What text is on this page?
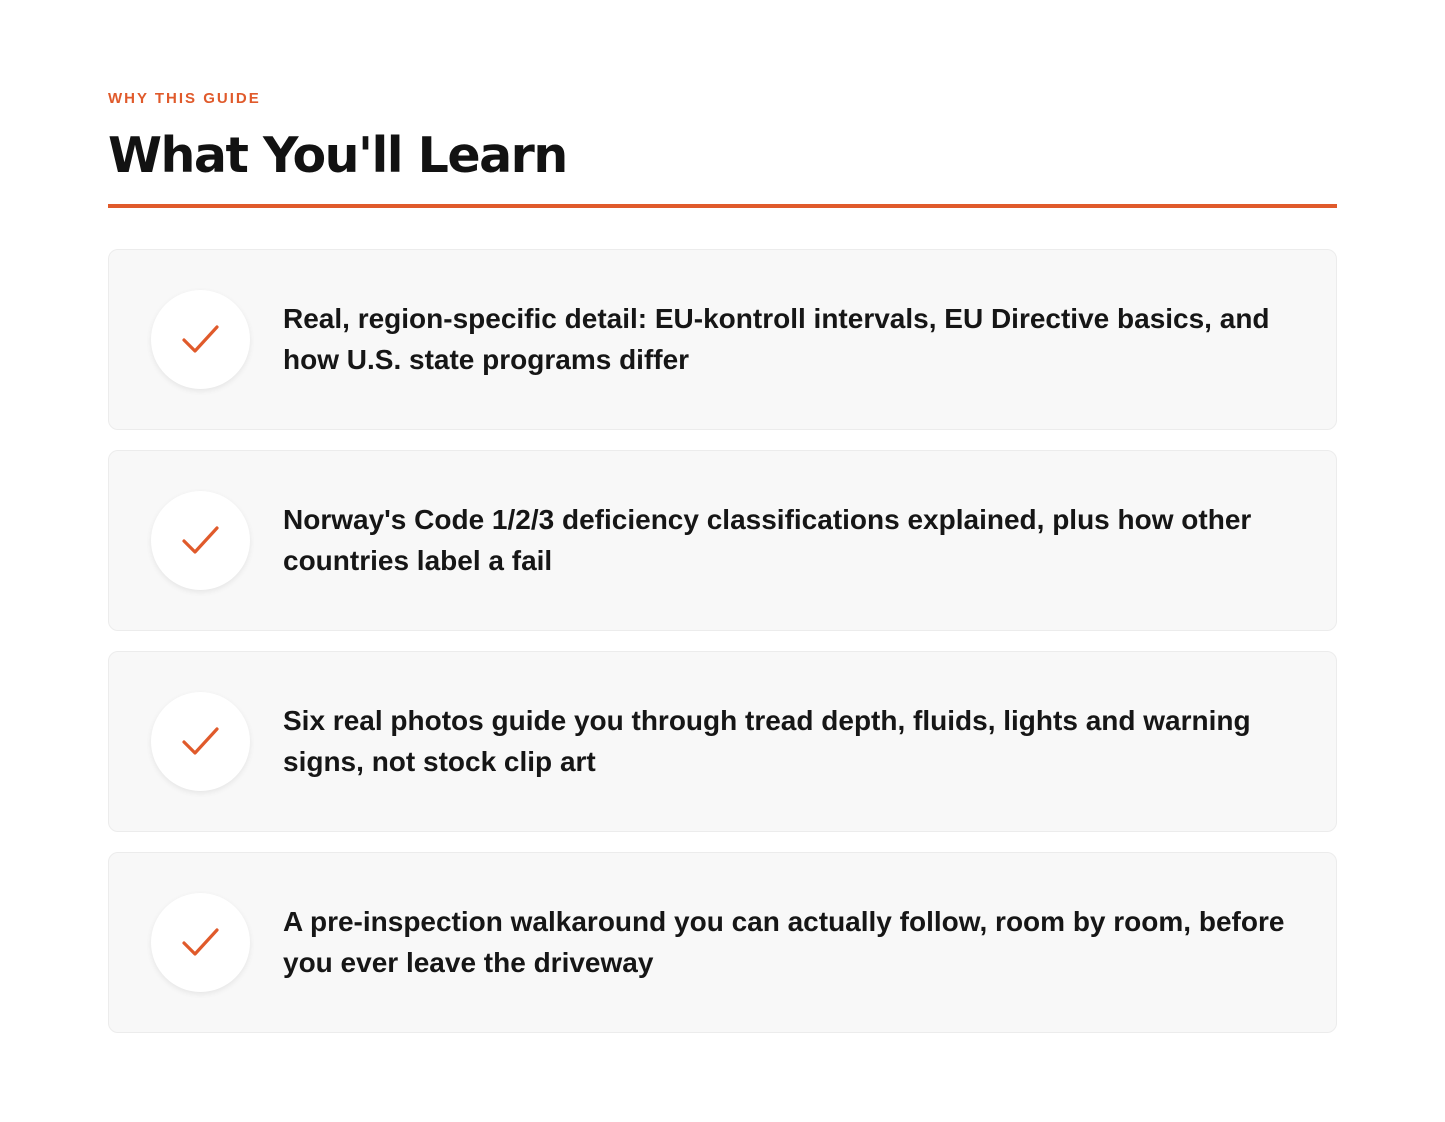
WHY THIS GUIDE
What You'll Learn
Real, region-specific detail: EU-kontroll intervals, EU Directive basics, and how U.S. state programs differ
Norway's Code 1/2/3 deficiency classifications explained, plus how other countries label a fail
Six real photos guide you through tread depth, fluids, lights and warning signs, not stock clip art
A pre-inspection walkaround you can actually follow, room by room, before you ever leave the driveway
